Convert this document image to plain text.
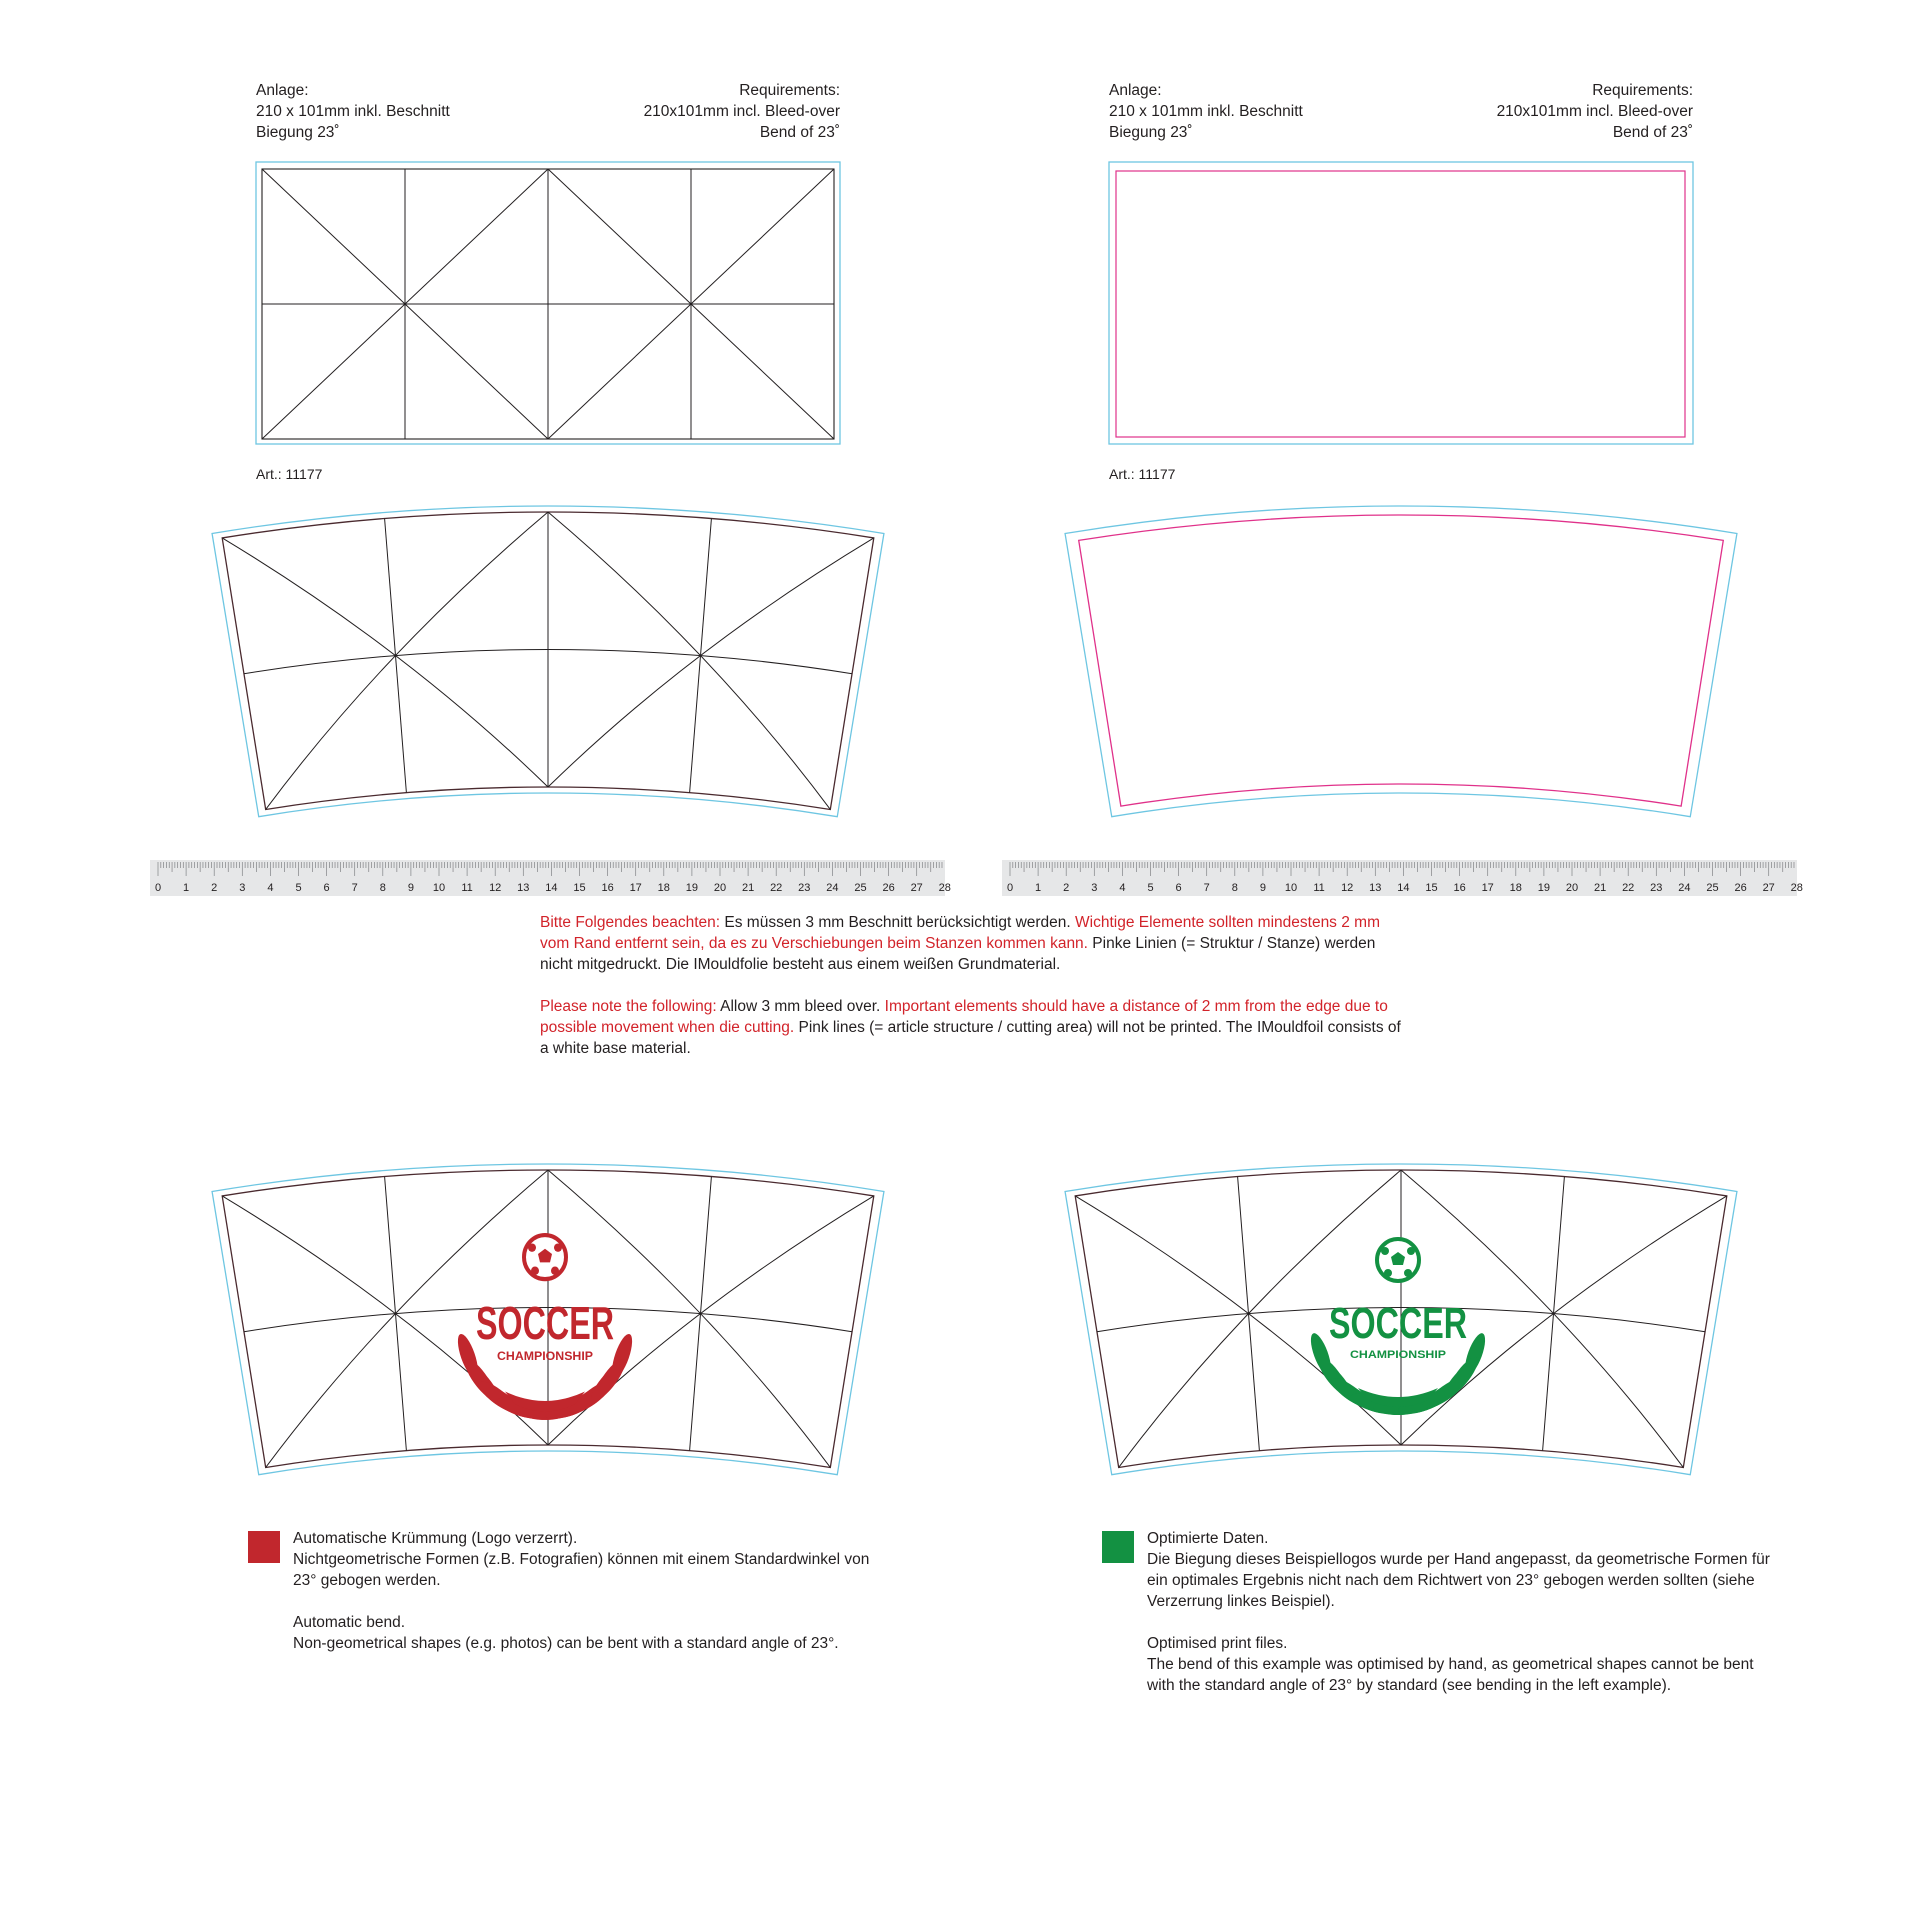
0 1 2 3 4 5 6 7 8 9 10 11 12 13 14 15 16 17 18 19 20 21 22 23 24 25 26 27 28	0 1 2 3 4 5 6 7 8 9 10 11 12 13 14 15 16 17 18 19 20 21 22 23 24 25 26 27 28
SOCCER
CHAMPIONSHIP
SOCCER
CHAMPIONSHIP
Anlage:
210 x 101mm inkl. Beschnitt
Biegung 23˚
Requirements:
210x101mm incl. Bleed-over
Bend of 23˚
Art.: 11177
Anlage:
210 x 101mm inkl. Beschnitt
Biegung 23˚
Requirements:
210x101mm incl. Bleed-over
Bend of 23˚
Art.: 11177

Bitte Folgendes beachten: Es müssen 3 mm Beschnitt berücksichtigt werden. Wichtige Elemente sollten mindestens 2 mm vom Rand entfernt sein, da es zu Verschiebungen beim Stanzen kommen kann. Pinke Linien (= Struktur / Stanze) werden nicht mitgedruckt. Die IMouldfolie besteht aus einem weißen Grundmaterial.

Please note the following: Allow 3 mm bleed over. Important elements should have a distance of 2 mm from the edge due to possible movement when die cutting. Pink lines (= article structure / cutting area) will not be printed. The IMouldfoil consists of a white base material.

Automatische Krümmung (Logo verzerrt).
Nichtgeometrische Formen (z.B. Fotografien) können mit einem Standardwinkel von 23° gebogen werden.

Automatic bend.
Non-geometrical shapes (e.g. photos) can be bent with a standard angle of 23°.

Optimierte Daten.
Die Biegung dieses Beispiellogos wurde per Hand angepasst, da geometrische Formen für ein optimales Ergebnis nicht nach dem Richtwert von 23° gebogen werden sollten (siehe Verzerrung linkes Beispiel).

Optimised print files.
The bend of this example was optimised by hand, as geometrical shapes cannot be bent with the standard angle of 23° by standard (see bending in the left example).
